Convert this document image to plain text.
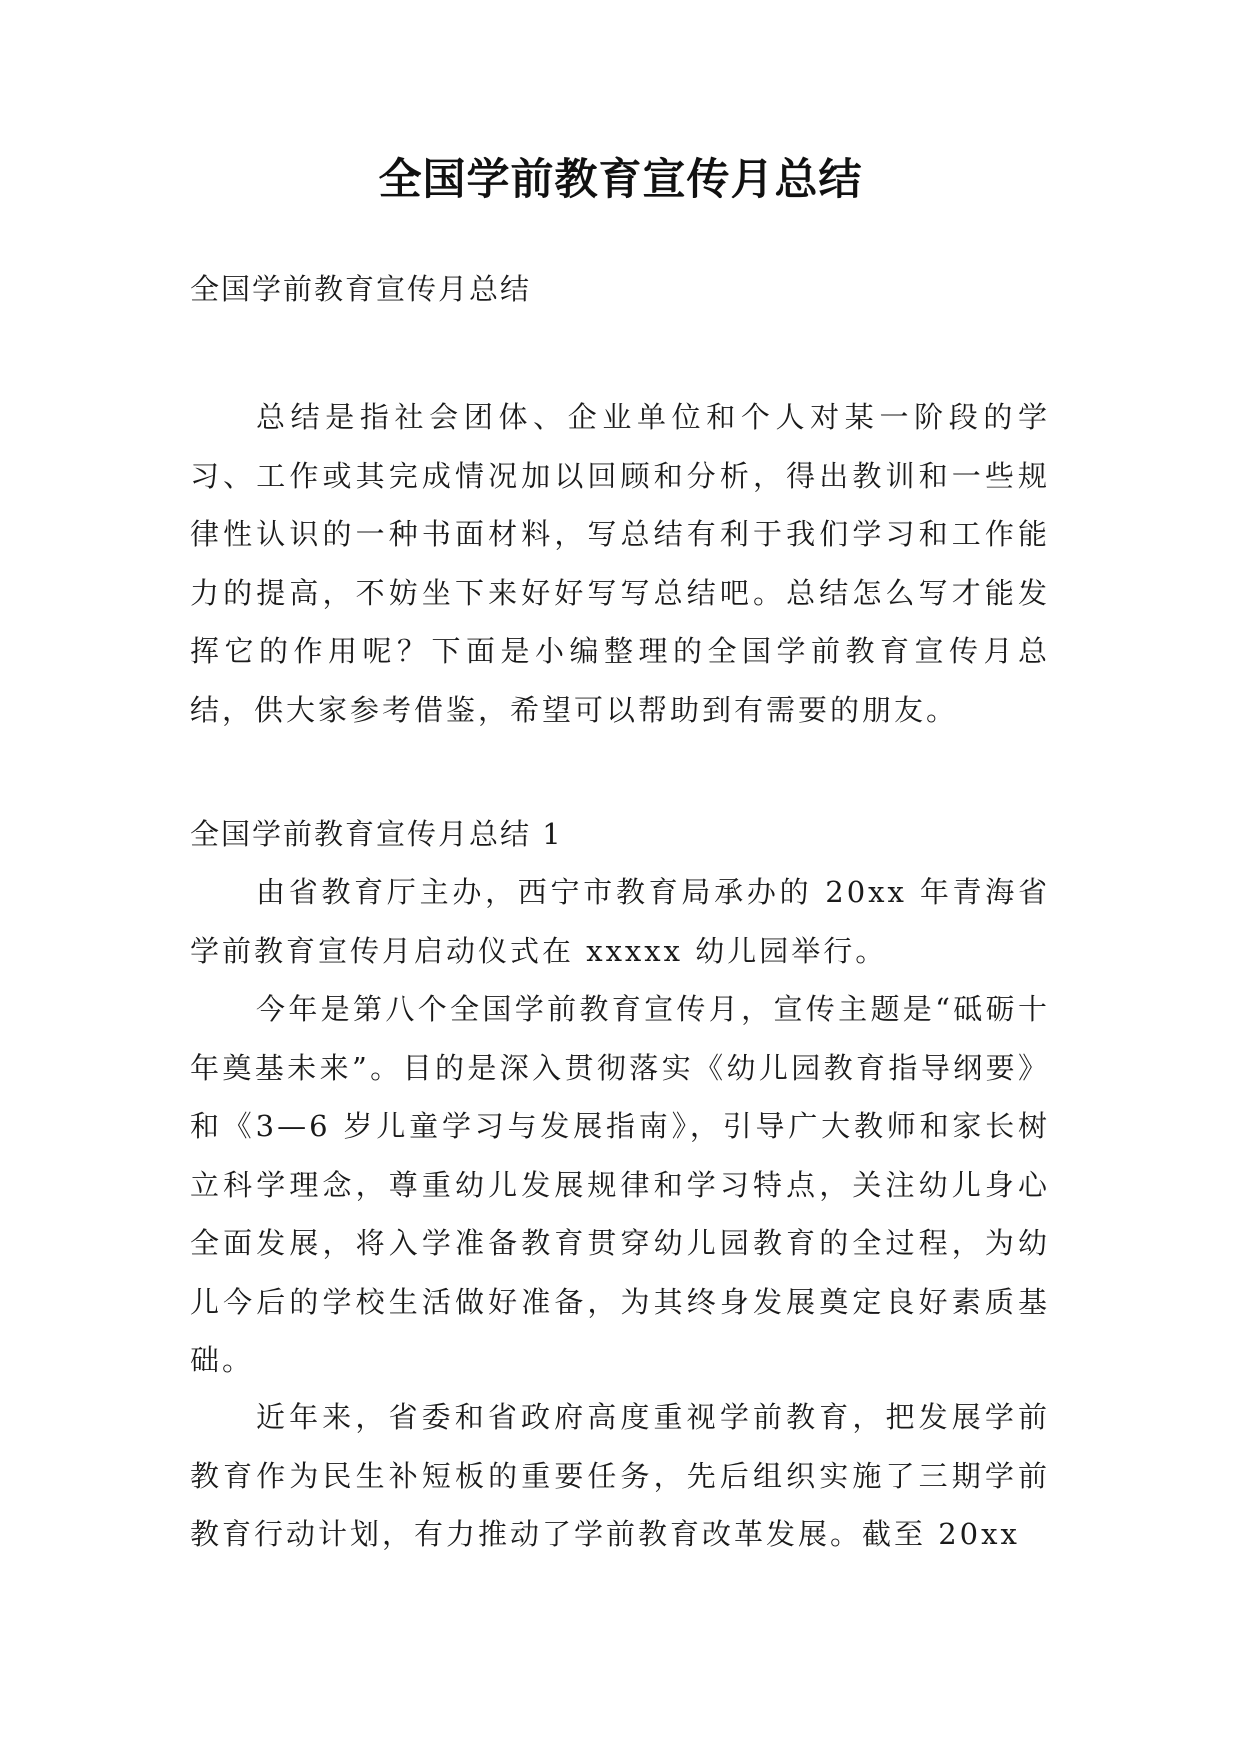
全国学前教育宣传月总结

全国学前教育宣传月总结

总结是指社会团体、企业单位和个人对某一阶段的学习、工作或其完成情况加以回顾和分析，得出教训和一些规律性认识的一种书面材料，写总结有利于我们学习和工作能力的提高，不妨坐下来好好写写总结吧。总结怎么写才能发挥它的作用呢？下面是小编整理的全国学前教育宣传月总结，供大家参考借鉴，希望可以帮助到有需要的朋友。

全国学前教育宣传月总结 1

由省教育厅主办，西宁市教育局承办的 20xx 年青海省学前教育宣传月启动仪式在 xxxxx 幼儿园举行。

今年是第八个全国学前教育宣传月，宣传主题是“砥砺十年奠基未来”。目的是深入贯彻落实《幼儿园教育指导纲要》和《3—6 岁儿童学习与发展指南》，引导广大教师和家长树立科学理念，尊重幼儿发展规律和学习特点，关注幼儿身心全面发展，将入学准备教育贯穿幼儿园教育的全过程，为幼儿今后的学校生活做好准备，为其终身发展奠定良好素质基础。

近年来，省委和省政府高度重视学前教育，把发展学前教育作为民生补短板的重要任务，先后组织实施了三期学前教育行动计划，有力推动了学前教育改革发展。截至 20xx
